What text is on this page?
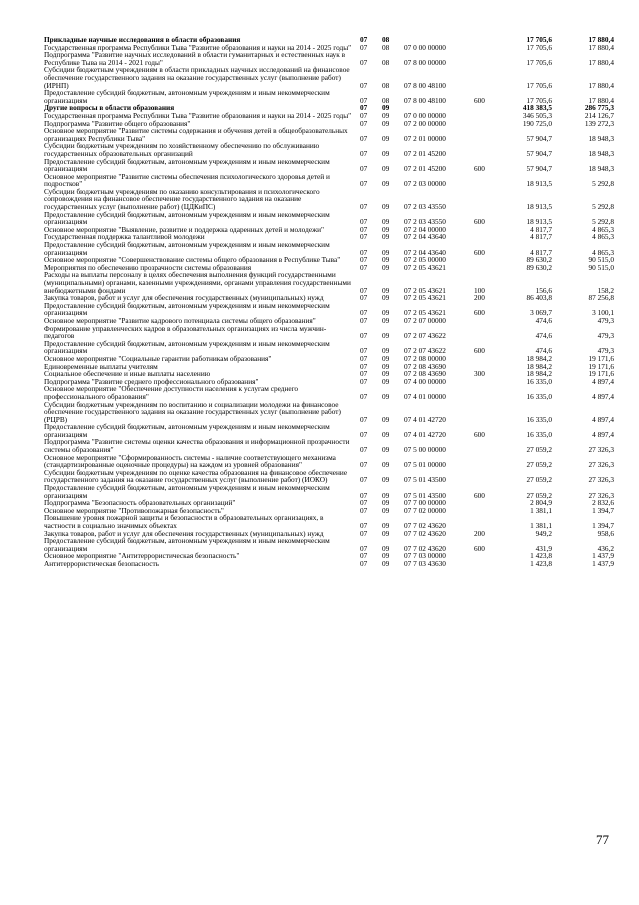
Прикладные научные исследования в области образования	07	08			17 705,6	17 880,4
Государственная программа Республики Тыва "Развитие образования и науки на 2014 - 2025 годы"	07	08	07 0 00 00000		17 705,6	17 880,4
Подпрограмма "Развитие научных исследований в области гуманитарных и естественных наук в Республике Тыва на 2014 - 2021 годы"	07	08	07 8 00 00000		17 705,6	17 880,4
Субсидии бюджетным учреждениям в области прикладных научных исследований на финансовое обеспечение государственного задания на оказание государственных услуг (выполнение работ) (ИРНП)	07	08	07 8 00 48100		17 705,6	17 880,4
Предоставление субсидий бюджетным, автономным учреждениям и иным некоммерческим организациям	07	08	07 8 00 48100	600	17 705,6	17 880,4
Другие вопросы в области образования	07	09			418 383,5	286 775,3
Государственная программа Республики Тыва "Развитие образования и науки на 2014 - 2025 годы"	07	09	07 0 00 00000		346 505,3	214 126,7
Подпрограмма "Развитие общего образования"	07	09	07 2 00 00000		190 725,0	139 272,3
Основное мероприятие "Развитие системы содержания и обучения детей в общеобразовательных организациях Республики Тыва"	07	09	07 2 01 00000		57 904,7	18 948,3
Субсидии бюджетным учреждениям по хозяйственному обеспечению по обслуживанию государственных образовательных организаций	07	09	07 2 01 45200		57 904,7	18 948,3
Предоставление субсидий бюджетным, автономным учреждениям и иным некоммерческим организациям	07	09	07 2 01 45200	600	57 904,7	18 948,3
Основное мероприятие "Развитие системы обеспечения психологического здоровья детей и подростков"	07	09	07 2 03 00000		18 913,5	5 292,8
Субсидии бюджетным учреждениям по оказанию консультирования и психологического сопровождения на финансовое обеспечение государственного задания на оказание государственных услуг (выполнение работ) (ЦДКиПС)	07	09	07 2 03 43550		18 913,5	5 292,8
Предоставление субсидий бюджетным, автономным учреждениям и иным некоммерческим организациям	07	09	07 2 03 43550	600	18 913,5	5 292,8
Основное мероприятие "Выявление, развитие и поддержка одаренных детей и молодежи"	07	09	07 2 04 00000		4 817,7	4 865,3
Государственная поддержка талантливой молодежи	07	09	07 2 04 43640		4 817,7	4 865,3
Предоставление субсидий бюджетным, автономным учреждениям и иным некоммерческим организациям	07	09	07 2 04 43640	600	4 817,7	4 865,3
Основное мероприятие "Совершенствование системы общего образования в Республике Тыва"	07	09	07 2 05 00000		89 630,2	90 515,0
Мероприятия по обеспечению прозрачности системы образования	07	09	07 2 05 43621		89 630,2	90 515,0
Расходы на выплаты персоналу в целях обеспечения выполнения функций государственными (муниципальными) органами, казенными учреждениями, органами управления государственными внебюджетными фондами	07	09	07 2 05 43621	100	156,6	158,2
Закупка товаров, работ и услуг для обеспечения государственных (муниципальных) нужд	07	09	07 2 05 43621	200	86 403,8	87 256,8
Предоставление субсидий бюджетным, автономным учреждениям и иным некоммерческим организациям	07	09	07 2 05 43621	600	3 069,7	3 100,1
Основное мероприятие "Развитие кадрового потенциала системы общего образования"	07	09	07 2 07 00000		474,6	479,3
Формирование управленческих кадров в образовательных организациях из числа мужчин-педагогов	07	09	07 2 07 43622		474,6	479,3
Предоставление субсидий бюджетным, автономным учреждениям и иным некоммерческим организациям	07	09	07 2 07 43622	600	474,6	479,3
Основное мероприятие "Социальные гарантии работникам образования"	07	09	07 2 08 00000		18 984,2	19 171,6
Единовременные выплаты учителям	07	09	07 2 08 43690		18 984,2	19 171,6
Социальное обеспечение и иные выплаты населению	07	09	07 2 08 43690	300	18 984,2	19 171,6
Подпрограмма "Развитие среднего профессионального образования"	07	09	07 4 00 00000		16 335,0	4 897,4
Основное мероприятие "Обеспечение доступности населения к услугам среднего профессионального образования"	07	09	07 4 01 00000		16 335,0	4 897,4
Субсидии бюджетным учреждениям по воспитанию и социализации молодежи на финансовое обеспечение государственного задания на оказание государственных услуг (выполнение работ) (РЦРВ)	07	09	07 4 01 42720		16 335,0	4 897,4
Предоставление субсидий бюджетным, автономным учреждениям и иным некоммерческим организациям	07	09	07 4 01 42720	600	16 335,0	4 897,4
Подпрограмма "Развитие системы оценки качества образования и информационной прозрачности системы образования"	07	09	07 5 00 00000		27 059,2	27 326,3
Основное мероприятие "Сформированность системы - наличие соответствующего механизма (стандартизированные оценочные процедуры) на каждом из уровней образования"	07	09	07 5 01 00000		27 059,2	27 326,3
Субсидии бюджетным учреждениям по оценке качества образования на финансовое обеспечение государственного задания на оказание государственных услуг (выполнение работ) (ИОКО)	07	09	07 5 01 43500		27 059,2	27 326,3
Предоставление субсидий бюджетным, автономным учреждениям и иным некоммерческим организациям	07	09	07 5 01 43500	600	27 059,2	27 326,3
Подпрограмма "Безопасность образовательных организаций"	07	09	07 7 00 00000		2 804,9	2 832,6
Основное мероприятие "Противопожарная безопасность"	07	09	07 7 02 00000		1 381,1	1 394,7
Повышение уровня пожарной защиты и безопасности в образовательных организациях, в частности в социально значимых объектах	07	09	07 7 02 43620		1 381,1	1 394,7
Закупка товаров, работ и услуг для обеспечения государственных (муниципальных) нужд	07	09	07 7 02 43620	200	949,2	958,6
Предоставление субсидий бюджетным, автономным учреждениям и иным некоммерческим организациям	07	09	07 7 02 43620	600	431,9	436,2
Основное мероприятие "Антитеррористическая безопасность"	07	09	07 7 03 00000		1 423,8	1 437,9
Антитеррористическая безопасность	07	09	07 7 03 43630		1 423,8	1 437,9
77
